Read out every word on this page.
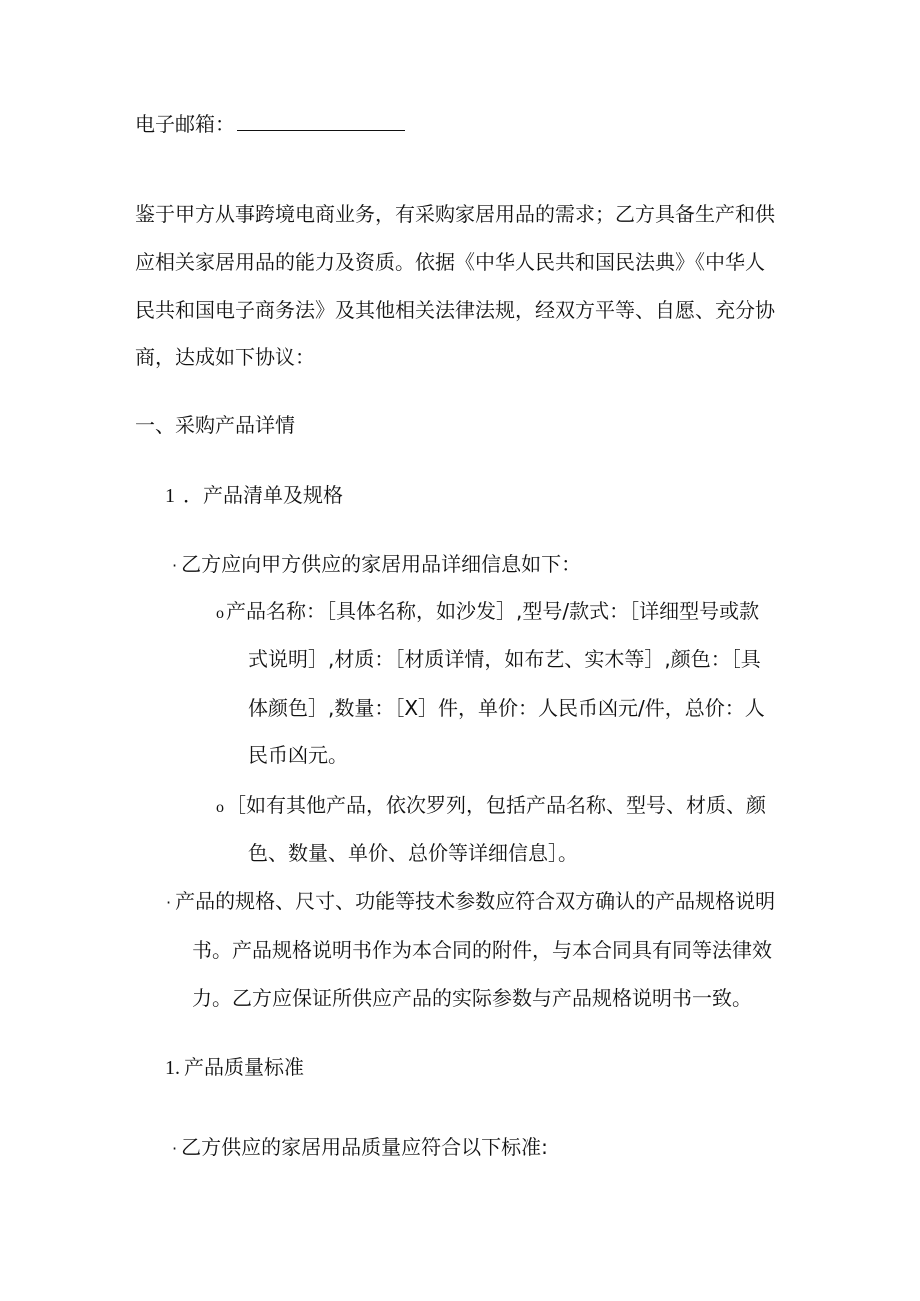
电子邮箱：
鉴于甲方从事跨境电商业务，有采购家居用品的需求；乙方具备生产和供
应相关家居用品的能力及资质。依据《中华人民共和国民法典》《中华人
民共和国电子商务法》及其他相关法律法规，经双方平等、自愿、充分协
商，达成如下协议：
一、采购产品详情
1 ．产品清单及规格
· 乙方应向甲方供应的家居用品详细信息如下：
o 产品名称：［具体名称，如沙发］,型号/款式：［详细型号或款
式说明］,材质：［材质详情，如布艺、实木等］,颜色：［具
体颜色］,数量：［X］件，单价：人民币凶元/件，总价：人
民币凶元。
o ［如有其他产品，依次罗列，包括产品名称、型号、材质、颜
色、数量、单价、总价等详细信息］。
· 产品的规格、尺寸、功能等技术参数应符合双方确认的产品规格说明
书。产品规格说明书作为本合同的附件，与本合同具有同等法律效
力。乙方应保证所供应产品的实际参数与产品规格说明书一致。
1. 产品质量标准
· 乙方供应的家居用品质量应符合以下标准:
